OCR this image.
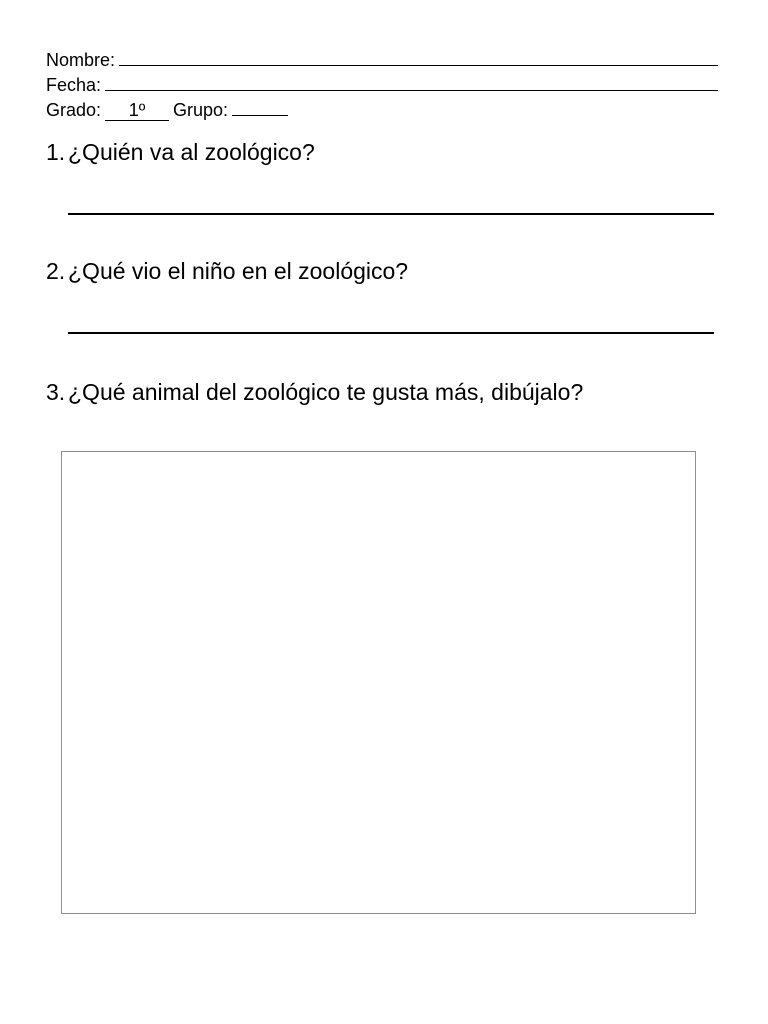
Nombre:
Fecha:
Grado:	1º	Grupo:
1. ¿Quién va al zoológico?
2. ¿Qué vio el niño en el zoológico?
3. ¿Qué animal del zoológico te gusta más, dibújalo?
